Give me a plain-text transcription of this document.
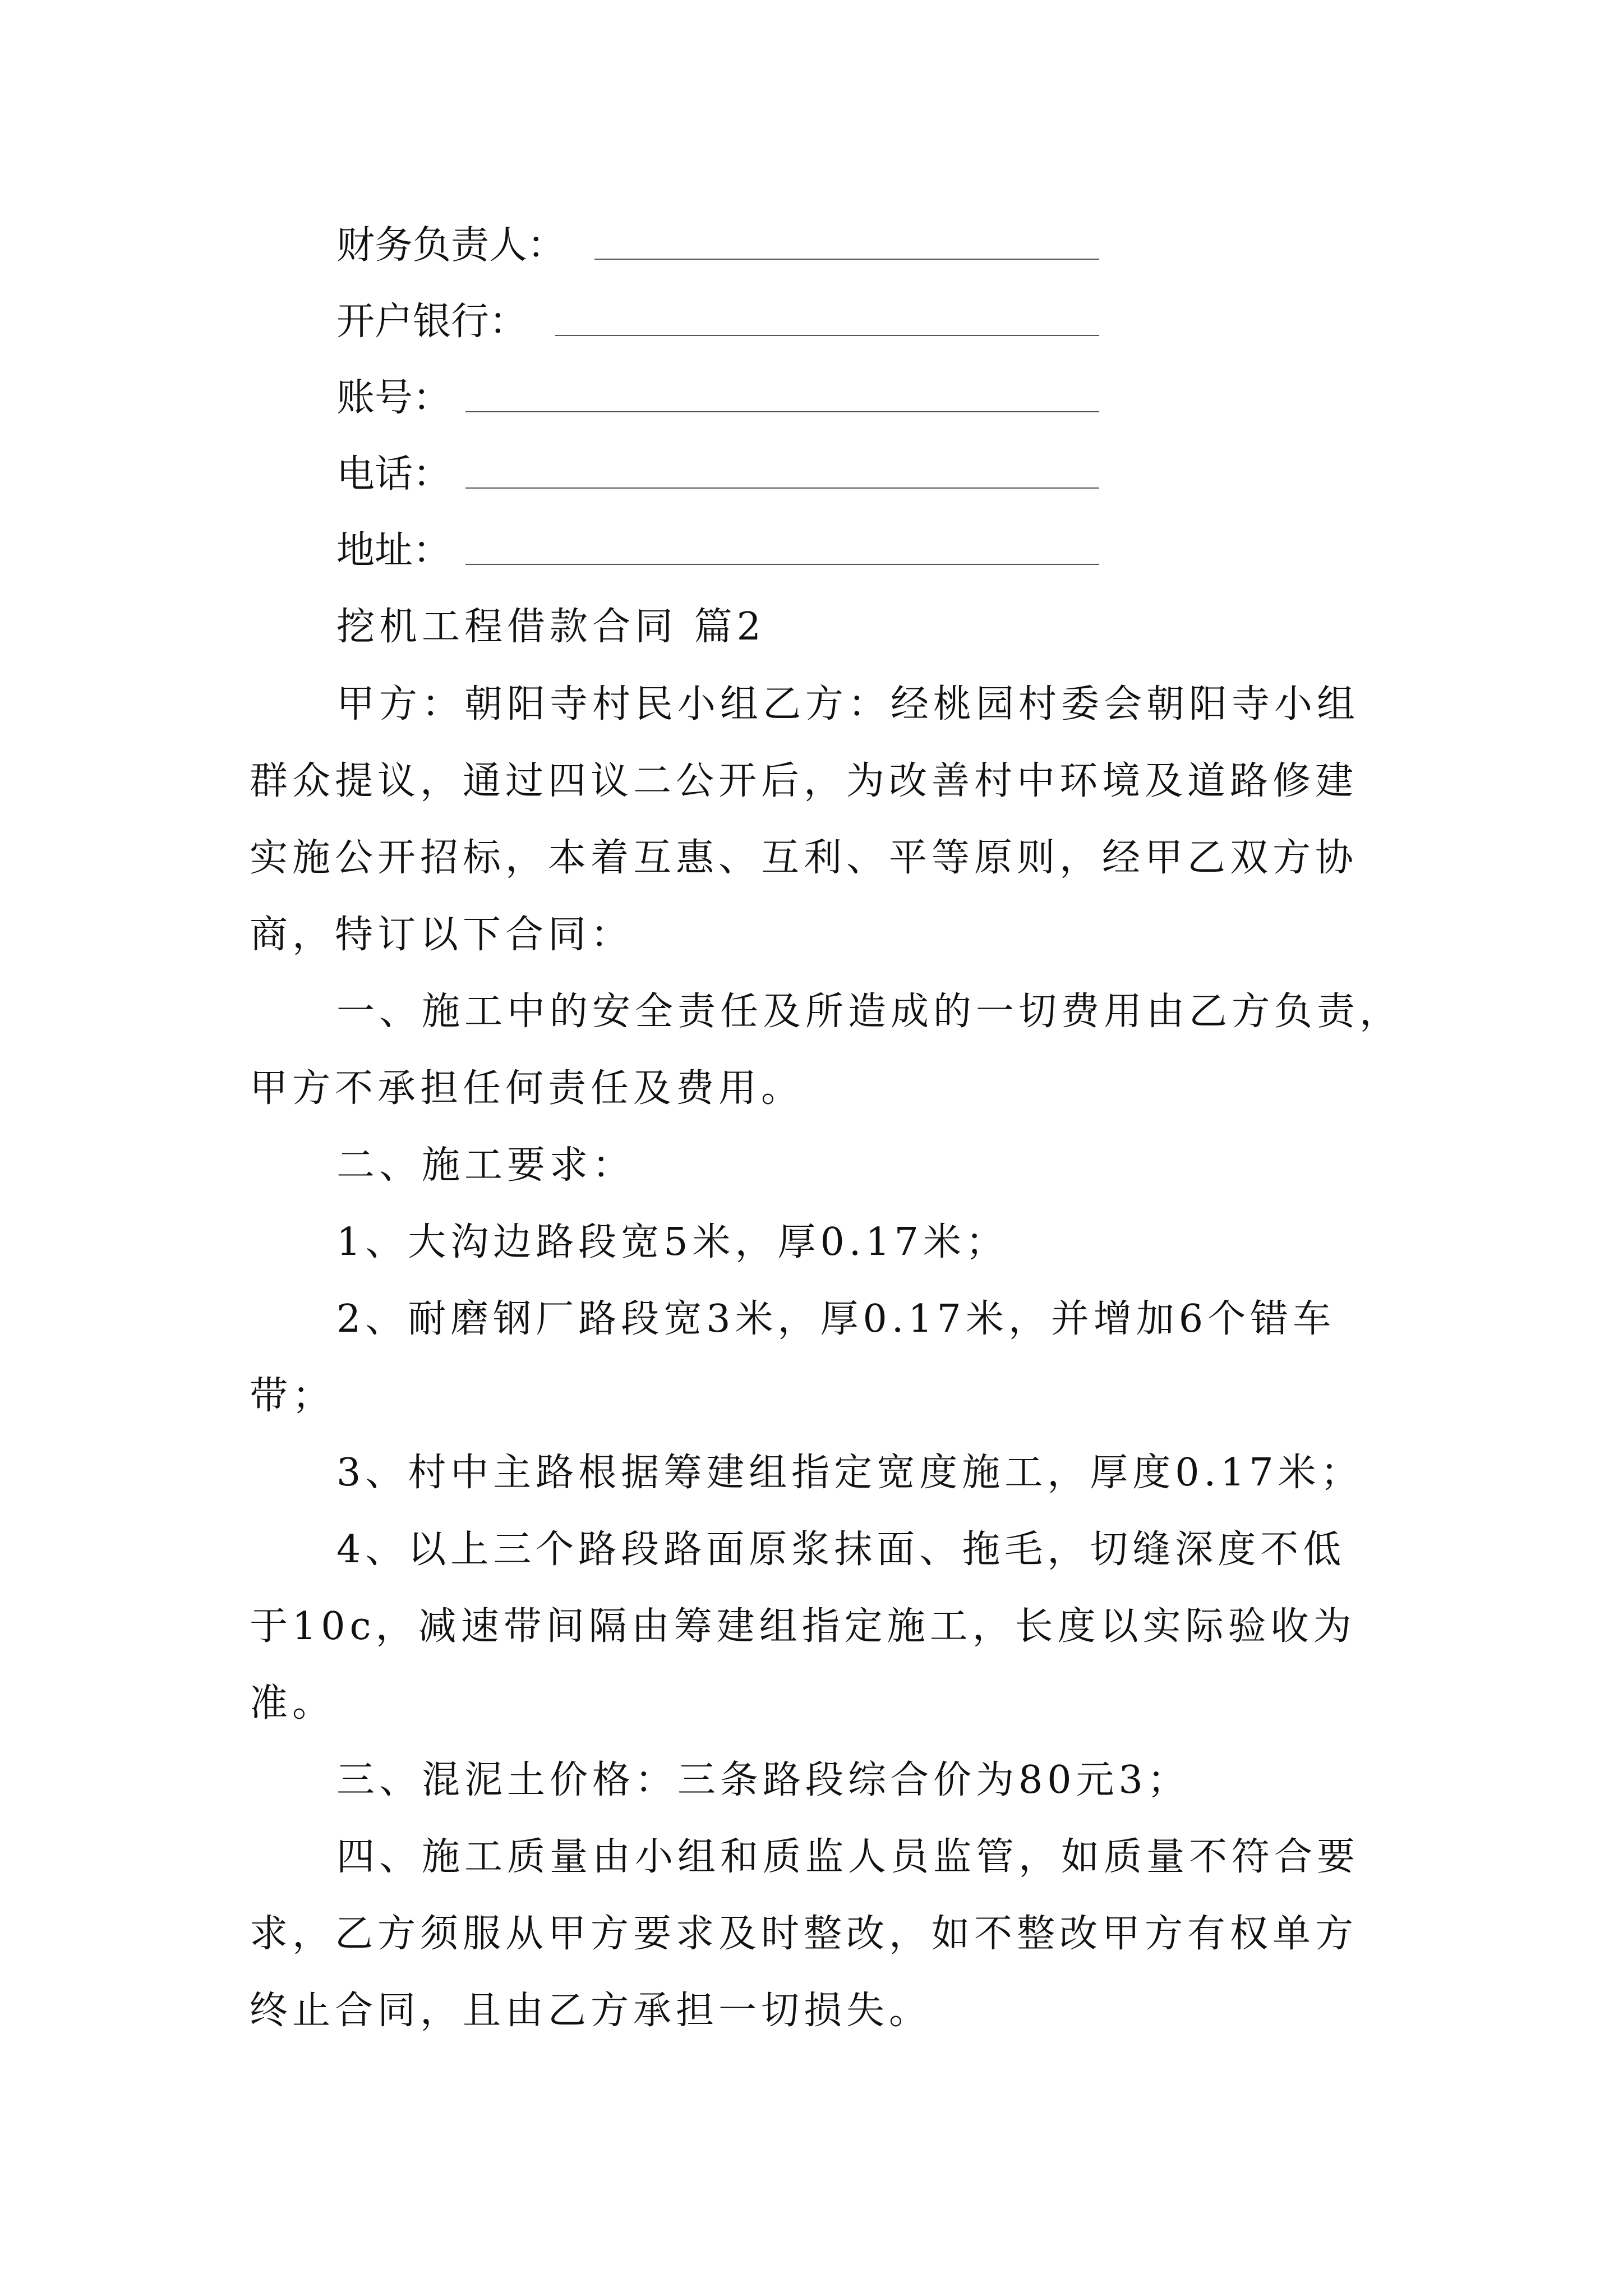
财务负责人：
开户银行：
账号：
电话：
地址：
挖机工程借款合同 篇2
甲方：朝阳寺村民小组乙方：经桃园村委会朝阳寺小组
群众提议，通过四议二公开后，为改善村中环境及道路修建
实施公开招标，本着互惠、互利、平等原则，经甲乙双方协
商，特订以下合同：
一、施工中的安全责任及所造成的一切费用由乙方负责，
甲方不承担任何责任及费用。
二、施工要求：
1、大沟边路段宽5米，厚0.17米；
2、耐磨钢厂路段宽3米，厚0.17米，并增加6个错车
带；
3、村中主路根据筹建组指定宽度施工，厚度0.17米；
4、以上三个路段路面原浆抹面、拖毛，切缝深度不低
于10c，减速带间隔由筹建组指定施工，长度以实际验收为
准。
三、混泥土价格：三条路段综合价为80元3；
四、施工质量由小组和质监人员监管，如质量不符合要
求，乙方须服从甲方要求及时整改，如不整改甲方有权单方
终止合同，且由乙方承担一切损失。
